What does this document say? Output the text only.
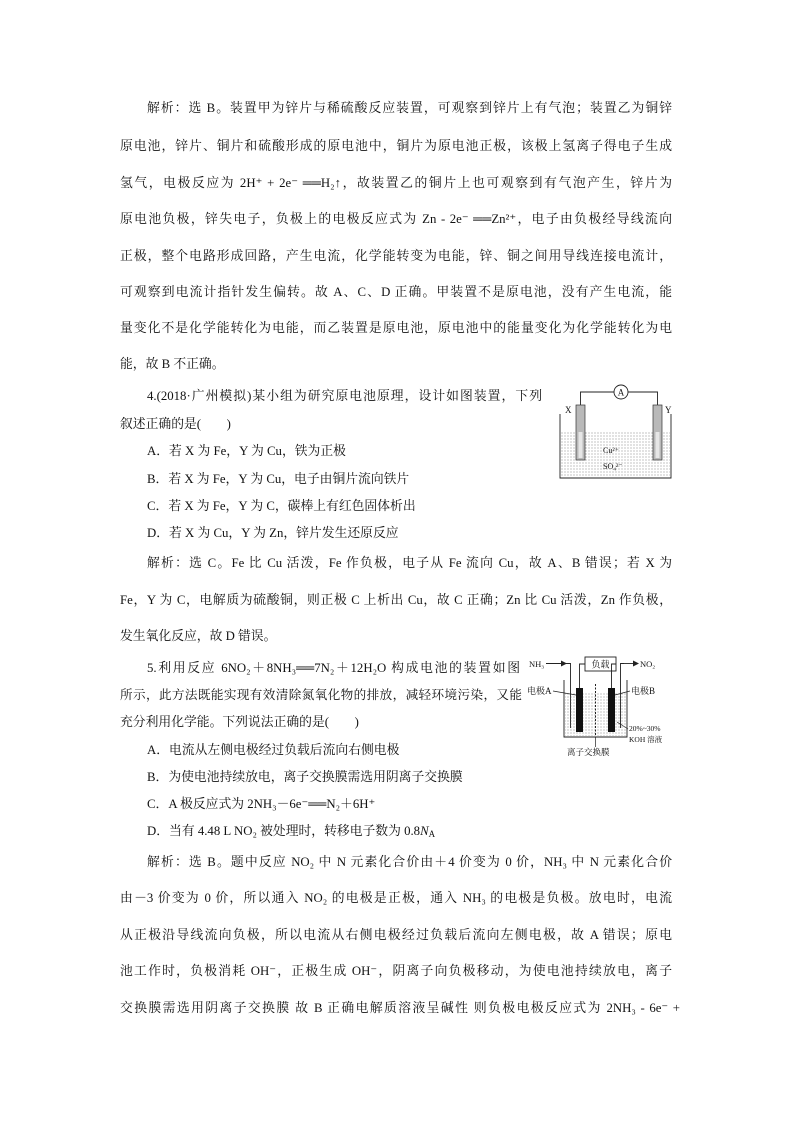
解析：选 B。装置甲为锌片与稀硫酸反应装置，可观察到锌片上有气泡；装置乙为铜锌
原电池，锌片、铜片和硫酸形成的原电池中，铜片为原电池正极，该极上氢离子得电子生成
氢气，电极反应为 2H⁺ + 2e⁻ ══H₂↑，故装置乙的铜片上也可观察到有气泡产生，锌片为
原电池负极，锌失电子，负极上的电极反应式为 Zn - 2e⁻ ══Zn²⁺，电子由负极经导线流向
正极，整个电路形成回路，产生电流，化学能转变为电能，锌、铜之间用导线连接电流计，
可观察到电流计指针发生偏转。故 A、C、D 正确。甲装置不是原电池，没有产生电流，能
量变化不是化学能转化为电能，而乙装置是原电池，原电池中的能量变化为化学能转化为电
能，故 B 不正确。
4.(2018·广州模拟)某小组为研究原电池原理，设计如图装置，下列
叙述正确的是(　　)
A．若 X 为 Fe，Y 为 Cu，铁为正极
B．若 X 为 Fe，Y 为 Cu，电子由铜片流向铁片
C．若 X 为 Fe，Y 为 C，碳棒上有红色固体析出
D．若 X 为 Cu，Y 为 Zn，锌片发生还原反应
A
X	Y
Cu²⁺
SO₄²⁻
解析：选 C。Fe 比 Cu 活泼，Fe 作负极，电子从 Fe 流向 Cu，故 A、B 错误；若 X 为
Fe，Y 为 C，电解质为硫酸铜，则正极 C 上析出 Cu，故 C 正确；Zn 比 Cu 活泼，Zn 作负极，
发生氧化反应，故 D 错误。
5.利用反应 6NO₂＋8NH₃══7N₂＋12H₂O 构成电池的装置如图
所示，此方法既能实现有效清除氮氧化物的排放，减轻环境污染，又能
充分利用化学能。下列说法正确的是(　　)
A．电流从左侧电极经过负载后流向右侧电极
B．为使电池持续放电，离子交换膜需选用阴离子交换膜
C．A 极反应式为 2NH₃－6e⁻══N₂＋6H⁺
D．当有 4.48 L NO₂ 被处理时，转移电子数为 $0.8N_A$
NH₃	负载	NO₂
电极A	电极B
20%~30%
KOH 溶液
离子交换膜
解析：选 B。题中反应 NO₂ 中 N 元素化合价由＋4 价变为 0 价，NH₃ 中 N 元素化合价
由－3 价变为 0 价，所以通入 NO₂ 的电极是正极，通入 NH₃ 的电极是负极。放电时，电流
从正极沿导线流向负极，所以电流从右侧电极经过负载后流向左侧电极，故 A 错误；原电
池工作时，负极消耗 OH⁻，正极生成 OH⁻，阴离子向负极移动，为使电池持续放电，离子
交换膜需选用阴离子交换膜 故 B 正确电解质溶液呈碱性 则负极电极反应式为 2NH₃ - 6e⁻ +
